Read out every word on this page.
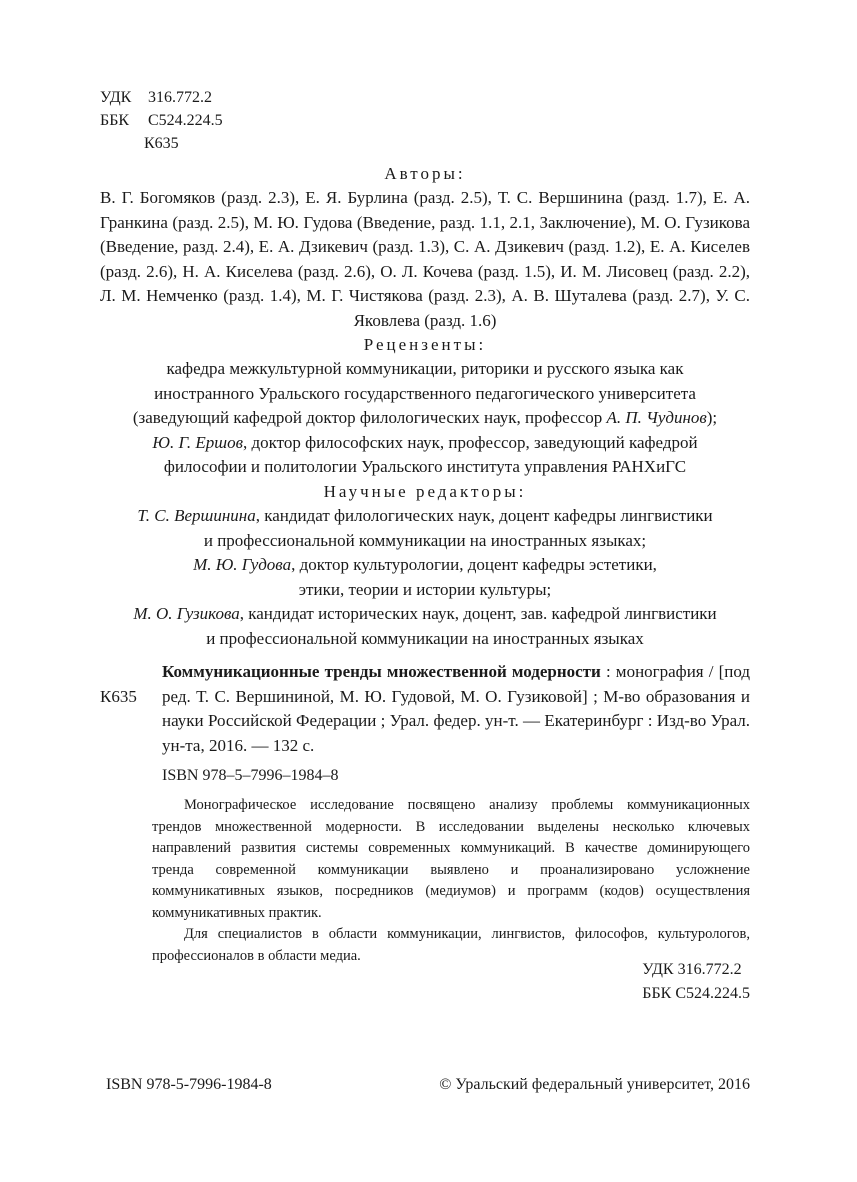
УДК 316.772.2
ББК С524.224.5
К635
Авторы:
В. Г. Богомяков (разд. 2.3), Е. Я. Бурлина (разд. 2.5), Т. С. Вершинина (разд. 1.7), Е. А. Гранкина (разд. 2.5), М. Ю. Гудова (Введение, разд. 1.1, 2.1, Заключение), М. О. Гузикова (Введение, разд. 2.4), Е. А. Дзикевич (разд. 1.3), С. А. Дзикевич (разд. 1.2), Е. А. Киселев (разд. 2.6), Н. А. Киселева (разд. 2.6), О. Л. Кочева (разд. 1.5), И. М. Лисовец (разд. 2.2), Л. М. Немченко (разд. 1.4), М. Г. Чистякова (разд. 2.3), А. В. Шуталева (разд. 2.7), У. С. Яковлева (разд. 1.6)
Рецензенты:
кафедра межкультурной коммуникации, риторики и русского языка как
иностранного Уральского государственного педагогического университета
(заведующий кафедрой доктор филологических наук, профессор А. П. Чудинов);
Ю. Г. Ершов, доктор философских наук, профессор, заведующий кафедрой
философии и политологии Уральского института управления РАНХиГС
Научные редакторы:
Т. С. Вершинина, кандидат филологических наук, доцент кафедры лингвистики
и профессиональной коммуникации на иностранных языках;
М. Ю. Гудова, доктор культурологии, доцент кафедры эстетики,
этики, теории и истории культуры;
М. О. Гузикова, кандидат исторических наук, доцент, зав. кафедрой лингвистики
и профессиональной коммуникации на иностранных языках
К635
Коммуникационные тренды множественной модерности : монография / [под ред. Т. С. Вершининой, М. Ю. Гудовой, М. О. Гузиковой] ; М-во образования и науки Российской Федерации ; Урал. федер. ун-т. — Екатеринбург : Изд-во Урал. ун-та, 2016. — 132 с.
ISBN 978–5–7996–1984–8

Монографическое исследование посвящено анализу проблемы коммуникационных трендов множественной модерности. В исследовании выделены несколько ключевых направлений развития системы современных коммуникаций. В качестве доминирующего тренда современной коммуникации выявлено и проанализировано усложнение коммуникативных языков, посредников (медиумов) и программ (кодов) осуществления коммуникативных практик.

Для специалистов в области коммуникации, лингвистов, философов, культурологов, профессионалов в области медиа.

УДК 316.772.2
ББК С524.224.5
ISBN 978-5-7996-1984-8	© Уральский федеральный университет, 2016
